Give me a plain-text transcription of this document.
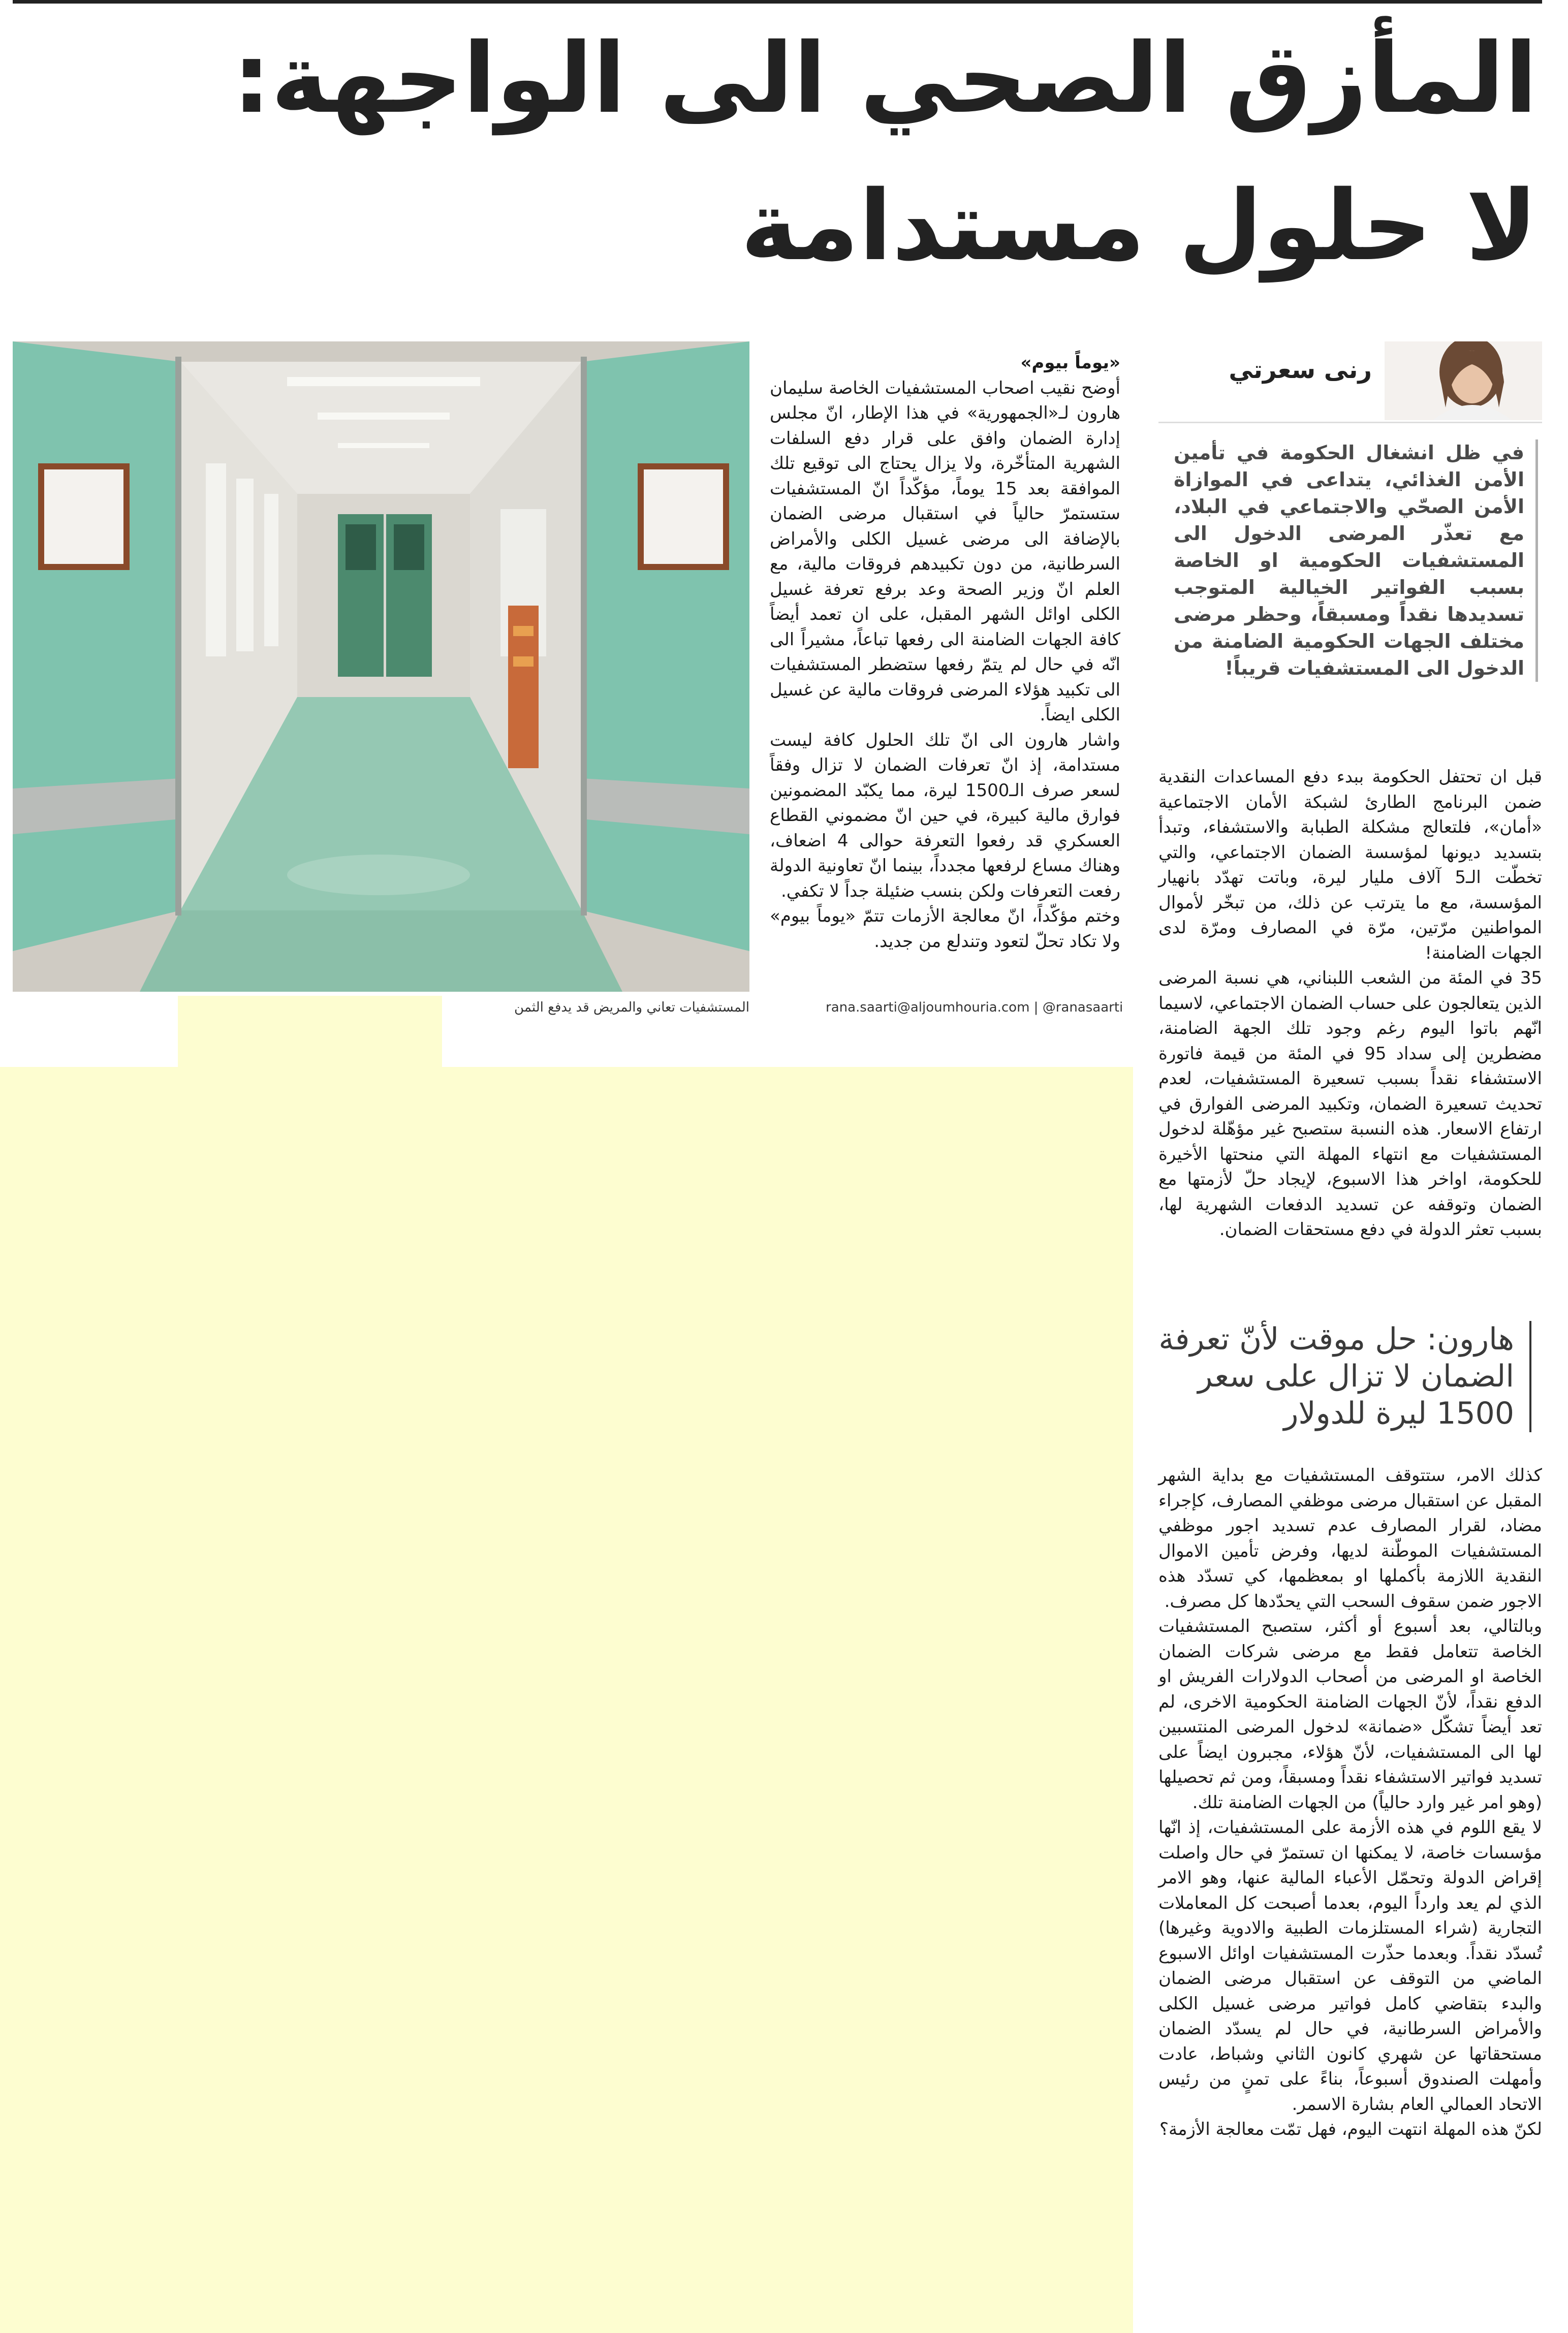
المأزق الصحي الى الواجهة:
لا حلول مستدامة
المستشفيات تعاني والمريض قد يدفع الثمن

«يوماً بيوم»

أوضح نقيب اصحاب المستشفيات الخاصة سليمان هارون لـ«الجمهورية» في هذا الإطار، انّ مجلس إدارة الضمان وافق على قرار دفع السلفات الشهرية المتأخّرة، ولا يزال يحتاج الى توقيع تلك الموافقة بعد 15 يوماً، مؤكّداً انّ المستشفيات ستستمرّ حالياً في استقبال مرضى الضمان بالإضافة الى مرضى غسيل الكلى والأمراض السرطانية، من دون تكبيدهم فروقات مالية، مع العلم انّ وزير الصحة وعد برفع تعرفة غسيل الكلى اوائل الشهر المقبل، على ان تعمد أيضاً كافة الجهات الضامنة الى رفعها تباعاً، مشيراً الى انّه في حال لم يتمّ رفعها ستضطر المستشفيات الى تكبيد هؤلاء المرضى فروقات مالية عن غسيل الكلى ايضاً.

واشار هارون الى انّ تلك الحلول كافة ليست مستدامة، إذ انّ تعرفات الضمان لا تزال وفقاً لسعر صرف الـ1500 ليرة، مما يكبّد المضمونين فوارق مالية كبيرة، في حين انّ مضموني القطاع العسكري قد رفعوا التعرفة حوالى 4 اضعاف، وهناك مساع لرفعها مجدداً، بينما انّ تعاونية الدولة رفعت التعرفات ولكن بنسب ضئيلة جداً لا تكفي.

وختم مؤكّداً، انّ معالجة الأزمات تتمّ «يوماً بيوم» ولا تكاد تحلّ لتعود وتندلع من جديد.

rana.saarti@aljoumhouria.com | @ranasaarti
رنى سعرتي
في ظل انشغال الحكومة في تأمين الأمن الغذائي، يتداعى في الموازاة الأمن الصحّي والاجتماعي في البلاد، مع تعذّر المرضى الدخول الى المستشفيات الحكومية او الخاصة بسبب الفواتير الخيالية المتوجب تسديدها نقداً ومسبقاً، وحظر مرضى مختلف الجهات الحكومية الضامنة من الدخول الى المستشفيات قريباً!

قبل ان تحتفل الحكومة ببدء دفع المساعدات النقدية ضمن البرنامج الطارئ لشبكة الأمان الاجتماعية «أمان»، فلتعالج مشكلة الطبابة والاستشفاء، وتبدأ بتسديد ديونها لمؤسسة الضمان الاجتماعي، والتي تخطّت الـ5 آلاف مليار ليرة، وباتت تهدّد بانهيار المؤسسة، مع ما يترتب عن ذلك، من تبخّر لأموال المواطنين مرّتين، مرّة في المصارف ومرّة لدى الجهات الضامنة!

35 في المئة من الشعب اللبناني، هي نسبة المرضى الذين يتعالجون على حساب الضمان الاجتماعي، لاسيما انّهم باتوا اليوم رغم وجود تلك الجهة الضامنة، مضطرين إلى سداد 95 في المئة من قيمة فاتورة الاستشفاء نقداً بسبب تسعيرة المستشفيات، لعدم تحديث تسعيرة الضمان، وتكبيد المرضى الفوارق في ارتفاع الاسعار. هذه النسبة ستصبح غير مؤهّلة لدخول المستشفيات مع انتهاء المهلة التي منحتها الأخيرة للحكومة، اواخر هذا الاسبوع، لإيجاد حلّ لأزمتها مع الضمان وتوقفه عن تسديد الدفعات الشهرية لها، بسبب تعثر الدولة في دفع مستحقات الضمان.

هارون: حل موقت لأنّ تعرفة الضمان لا تزال على سعر 1500 ليرة للدولار

كذلك الامر، ستتوقف المستشفيات مع بداية الشهر المقبل عن استقبال مرضى موظفي المصارف، كإجراء مضاد، لقرار المصارف عدم تسديد اجور موظفي المستشفيات الموطّنة لديها، وفرض تأمين الاموال النقدية اللازمة بأكملها او بمعظمها، كي تسدّد هذه الاجور ضمن سقوف السحب التي يحدّدها كل مصرف.

وبالتالي، بعد أسبوع أو أكثر، ستصبح المستشفيات الخاصة تتعامل فقط مع مرضى شركات الضمان الخاصة او المرضى من أصحاب الدولارات الفريش او الدفع نقداً، لأنّ الجهات الضامنة الحكومية الاخرى، لم تعد أيضاً تشكّل «ضمانة» لدخول المرضى المنتسبين لها الى المستشفيات، لأنّ هؤلاء، مجبرون ايضاً على تسديد فواتير الاستشفاء نقداً ومسبقاً، ومن ثم تحصيلها (وهو امر غير وارد حالياً) من الجهات الضامنة تلك.

لا يقع اللوم في هذه الأزمة على المستشفيات، إذ انّها مؤسسات خاصة، لا يمكنها ان تستمرّ في حال واصلت إقراض الدولة وتحمّل الأعباء المالية عنها، وهو الامر الذي لم يعد وارداً اليوم، بعدما أصبحت كل المعاملات التجارية (شراء المستلزمات الطبية والادوية وغيرها) تُسدّد نقداً. وبعدما حذّرت المستشفيات اوائل الاسبوع الماضي من التوقف عن استقبال مرضى الضمان والبدء بتقاضي كامل فواتير مرضى غسيل الكلى والأمراض السرطانية، في حال لم يسدّد الضمان مستحقاتها عن شهري كانون الثاني وشباط، عادت وأمهلت الصندوق أسبوعاً، بناءً على تمنٍ من رئيس الاتحاد العمالي العام بشارة الاسمر.

لكنّ هذه المهلة انتهت اليوم، فهل تمّت معالجة الأزمة؟
